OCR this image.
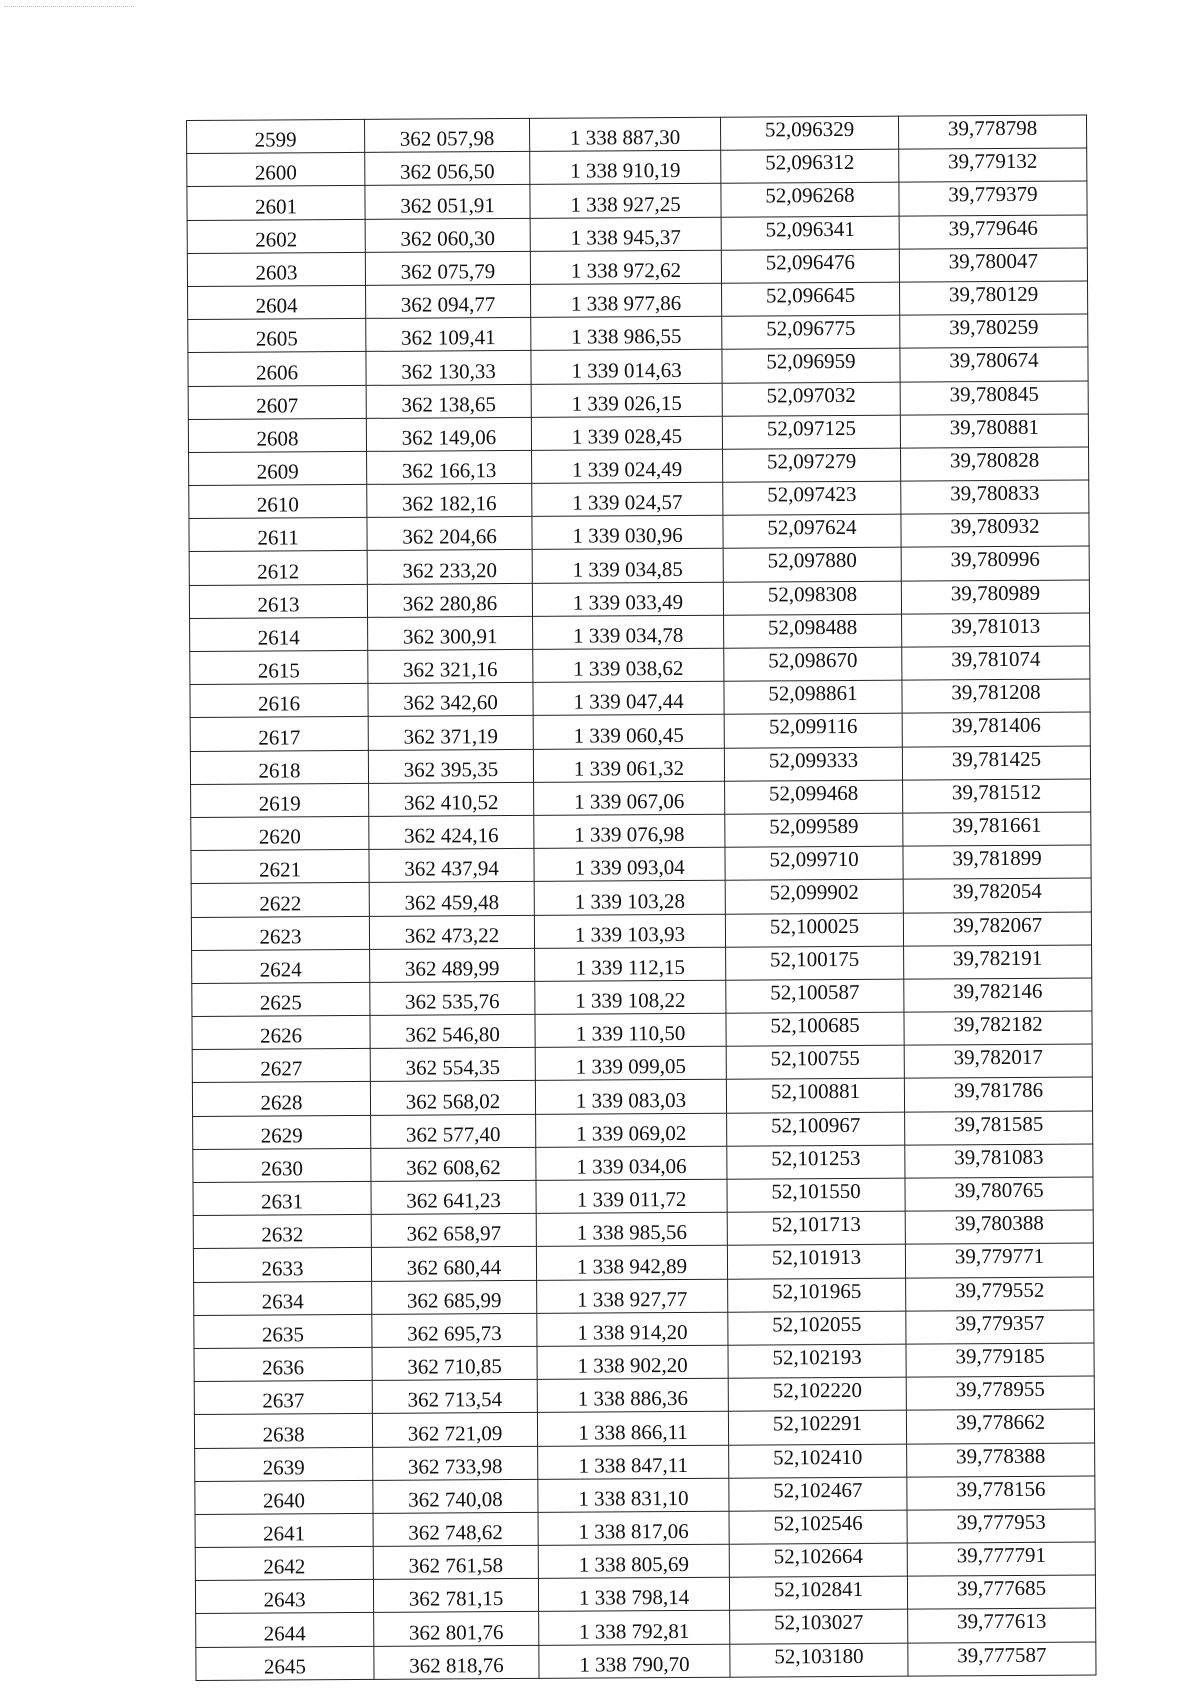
2599	362 057,98	1 338 887,30	52,096329	39,778798
2600	362 056,50	1 338 910,19	52,096312	39,779132
2601	362 051,91	1 338 927,25	52,096268	39,779379
2602	362 060,30	1 338 945,37	52,096341	39,779646
2603	362 075,79	1 338 972,62	52,096476	39,780047
2604	362 094,77	1 338 977,86	52,096645	39,780129
2605	362 109,41	1 338 986,55	52,096775	39,780259
2606	362 130,33	1 339 014,63	52,096959	39,780674
2607	362 138,65	1 339 026,15	52,097032	39,780845
2608	362 149,06	1 339 028,45	52,097125	39,780881
2609	362 166,13	1 339 024,49	52,097279	39,780828
2610	362 182,16	1 339 024,57	52,097423	39,780833
2611	362 204,66	1 339 030,96	52,097624	39,780932
2612	362 233,20	1 339 034,85	52,097880	39,780996
2613	362 280,86	1 339 033,49	52,098308	39,780989
2614	362 300,91	1 339 034,78	52,098488	39,781013
2615	362 321,16	1 339 038,62	52,098670	39,781074
2616	362 342,60	1 339 047,44	52,098861	39,781208
2617	362 371,19	1 339 060,45	52,099116	39,781406
2618	362 395,35	1 339 061,32	52,099333	39,781425
2619	362 410,52	1 339 067,06	52,099468	39,781512
2620	362 424,16	1 339 076,98	52,099589	39,781661
2621	362 437,94	1 339 093,04	52,099710	39,781899
2622	362 459,48	1 339 103,28	52,099902	39,782054
2623	362 473,22	1 339 103,93	52,100025	39,782067
2624	362 489,99	1 339 112,15	52,100175	39,782191
2625	362 535,76	1 339 108,22	52,100587	39,782146
2626	362 546,80	1 339 110,50	52,100685	39,782182
2627	362 554,35	1 339 099,05	52,100755	39,782017
2628	362 568,02	1 339 083,03	52,100881	39,781786
2629	362 577,40	1 339 069,02	52,100967	39,781585
2630	362 608,62	1 339 034,06	52,101253	39,781083
2631	362 641,23	1 339 011,72	52,101550	39,780765
2632	362 658,97	1 338 985,56	52,101713	39,780388
2633	362 680,44	1 338 942,89	52,101913	39,779771
2634	362 685,99	1 338 927,77	52,101965	39,779552
2635	362 695,73	1 338 914,20	52,102055	39,779357
2636	362 710,85	1 338 902,20	52,102193	39,779185
2637	362 713,54	1 338 886,36	52,102220	39,778955
2638	362 721,09	1 338 866,11	52,102291	39,778662
2639	362 733,98	1 338 847,11	52,102410	39,778388
2640	362 740,08	1 338 831,10	52,102467	39,778156
2641	362 748,62	1 338 817,06	52,102546	39,777953
2642	362 761,58	1 338 805,69	52,102664	39,777791
2643	362 781,15	1 338 798,14	52,102841	39,777685
2644	362 801,76	1 338 792,81	52,103027	39,777613
2645	362 818,76	1 338 790,70	52,103180	39,777587
